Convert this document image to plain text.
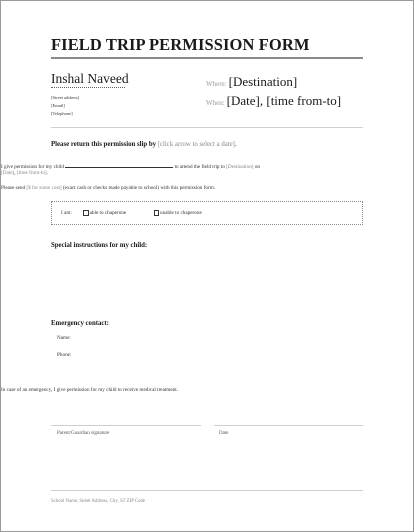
FIELD TRIP PERMISSION FORM
Inshal Naveed
[Street address]
[Email]
[Telephone]
Where: [Destination]
When: [Date], [time from-to]
Please return this permission slip by [click arrow to select a date].
I give permission for my child	to attend the field trip to [Destination] on
[Date], [time from-to].
Please send [$ for some cost] (exact cash or checks made payable to school) with this permission form.
I am:	able to chaperone	unable to chaperone
Special instructions for my child:
Emergency contact:
Name:
Phone:
In case of an emergency, I give permission for my child to receive medical treatment.
Parent/Guardian signature	Date
School Name, Street Address, City, ST ZIP Code
